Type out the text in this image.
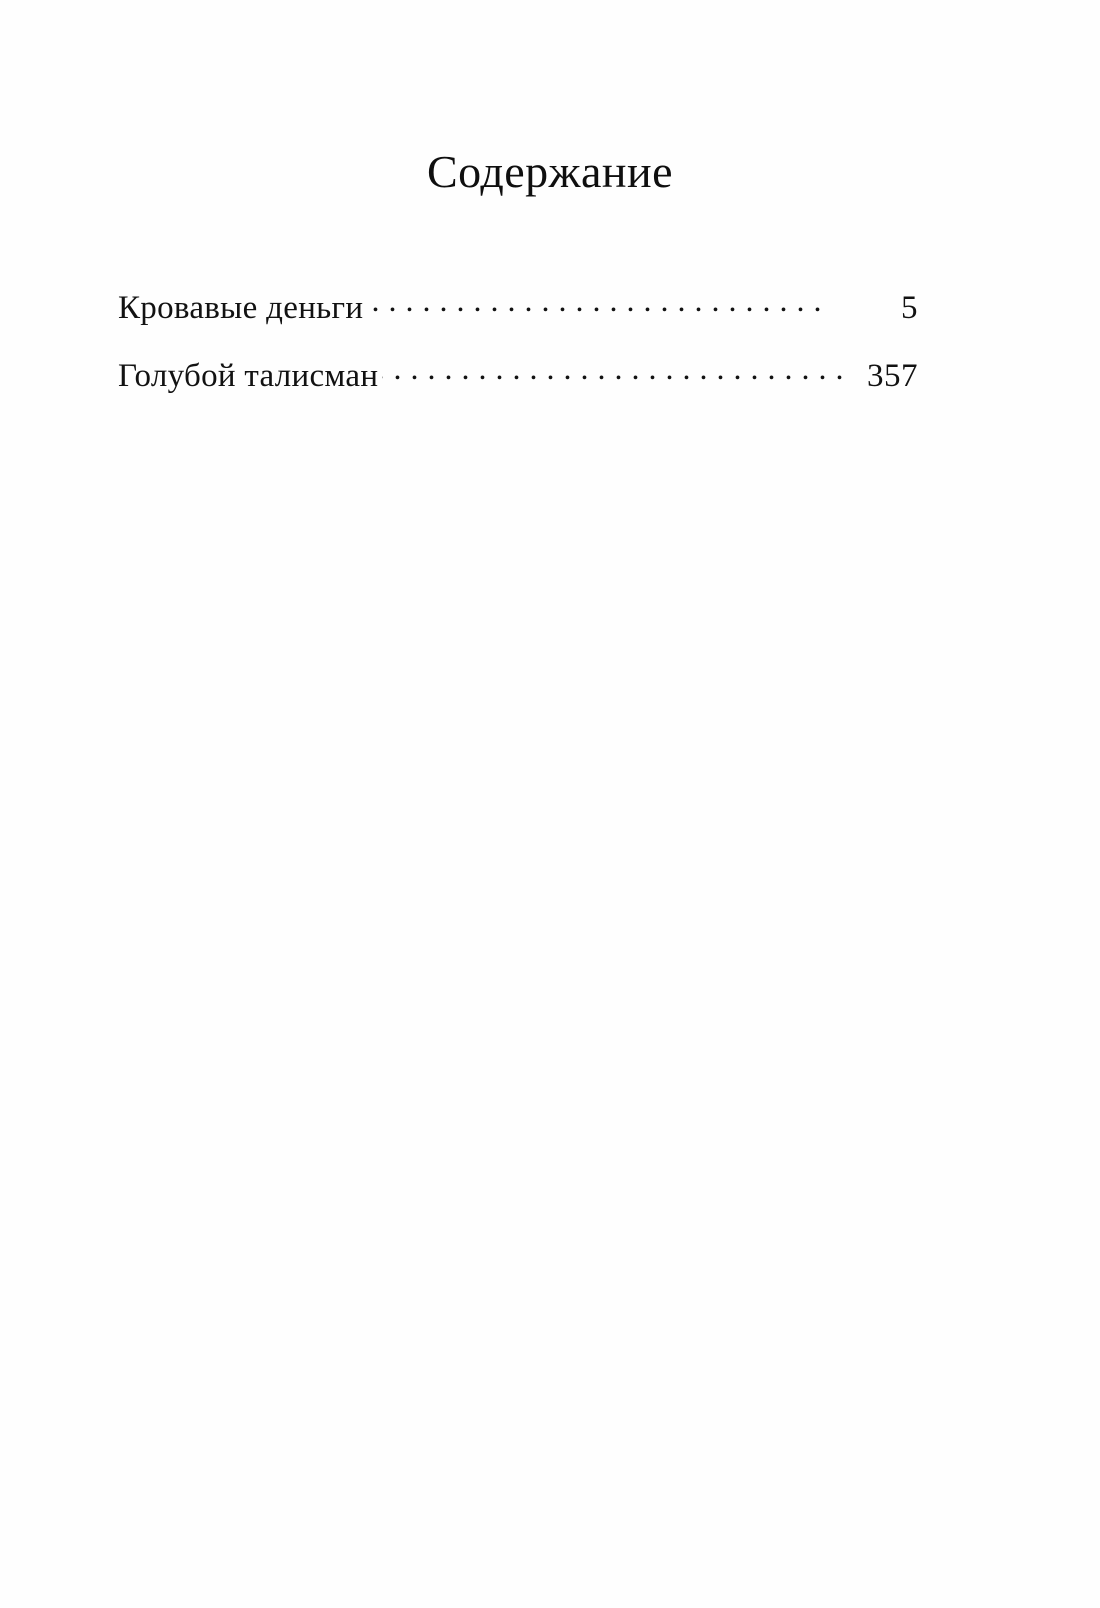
Содержание
Кровавые деньги . . .	5
Голубой талисман . . .	357
